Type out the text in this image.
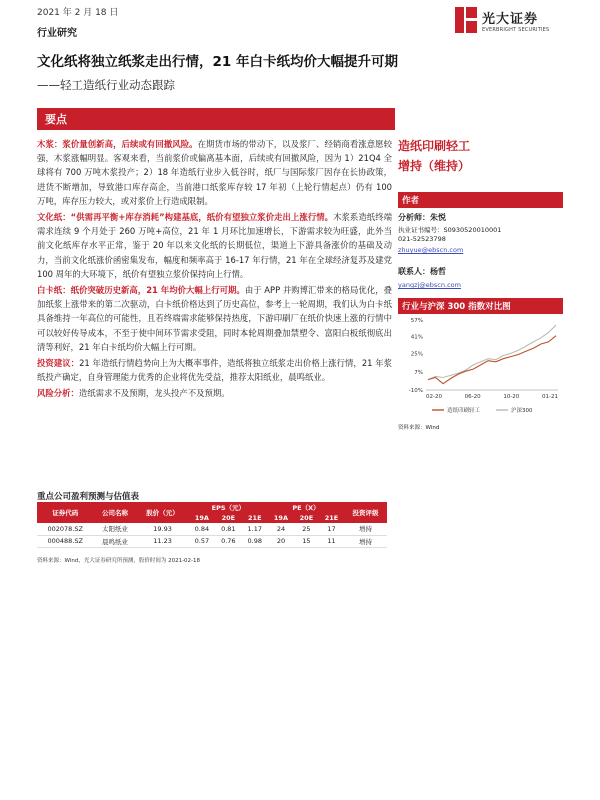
2021 年 2 月 18 日
行业研究
光大证券
EVERBRIGHT SECURITIES
文化纸将独立纸浆走出行情，21 年白卡纸均价大幅提升可期
——轻工造纸行业动态跟踪
要点

木浆：浆价量创新高，后续或有回撤风险。在期货市场的带动下，以及浆厂、经销商看涨意愿较强，木浆涨幅明显。客观来看，当前浆价或偏离基本面，后续或有回撤风险，因为 1）21Q4 全球将有 700 万吨木浆投产；2）18 年造纸行业步入低谷时，纸厂与国际浆厂因存在长协政策，进货不断增加，导致港口库存高企，当前港口纸浆库存较 17 年初（上轮行情起点）仍有 100 万吨，库存压力较大，或对浆价上行造成限制。

文化纸：“供需再平衡+库存消耗”构建基底，纸价有望独立浆价走出上涨行情。木浆系造纸终端需求连续 9 个月处于 260 万吨+高位，21 年 1 月环比加速增长，下游需求较为旺盛，此外当前文化纸库存水平正常，鉴于 20 年以来文化纸的长期低位，渠道上下游具备涨价的基础及动力，当前文化纸涨价函密集发布，幅度和频率高于 16-17 年行情，21 年在全球经济复苏及建党 100 周年的大环境下，纸价有望独立浆价保持向上行情。

白卡纸：纸价突破历史新高，21 年均价大幅上行可期。由于 APP 并购博汇带来的格局优化，叠加纸浆上涨带来的第二次驱动，白卡纸价格达到了历史高位，参考上一轮周期，我们认为白卡纸具备维持一年高位的可能性，且若终端需求能够保持热度，下游印刷厂在纸价快速上涨的行情中可以较好传导成本，不至于使中间环节需求受阻，同时本轮周期叠加禁塑令、富阳白板纸彻底出清等利好，21 年白卡纸均价大幅上行可期。

投资建议：21 年造纸行情趋势向上为大概率事件，造纸将独立纸浆走出价格上涨行情，21 年浆纸投产确定，自身管理能力优秀的企业将优先受益，推荐太阳纸业，晨鸣纸业。

风险分析：造纸需求不及预期，龙头投产不及预期。

造纸印刷轻工
增持（维持）
作者
分析师：朱悦
执业证书编号：S0930520010001
021-52523798
zhuyue@ebscn.com
联系人：杨哲
yangzj@ebscn.com
行业与沪深 300 指数对比图
57%
41%
25%
7%
-10%
02-20	06-20	10-20	01-21
造纸印刷轻工	沪深300
资料来源：Wind
重点公司盈利预测与估值表
证券代码	公司名称	股价（元）	EPS（元）			PE（X）			投资评级
			19A	20E	21E	19A	20E	21E	
002078.SZ	太阳纸业	19.93	0.84	0.81	1.17	24	25	17	增持
000488.SZ	晨鸣纸业	11.23	0.57	0.76	0.98	20	15	11	增持
资料来源：Wind，光大证券研究所预测，股价时间为 2021-02-18
